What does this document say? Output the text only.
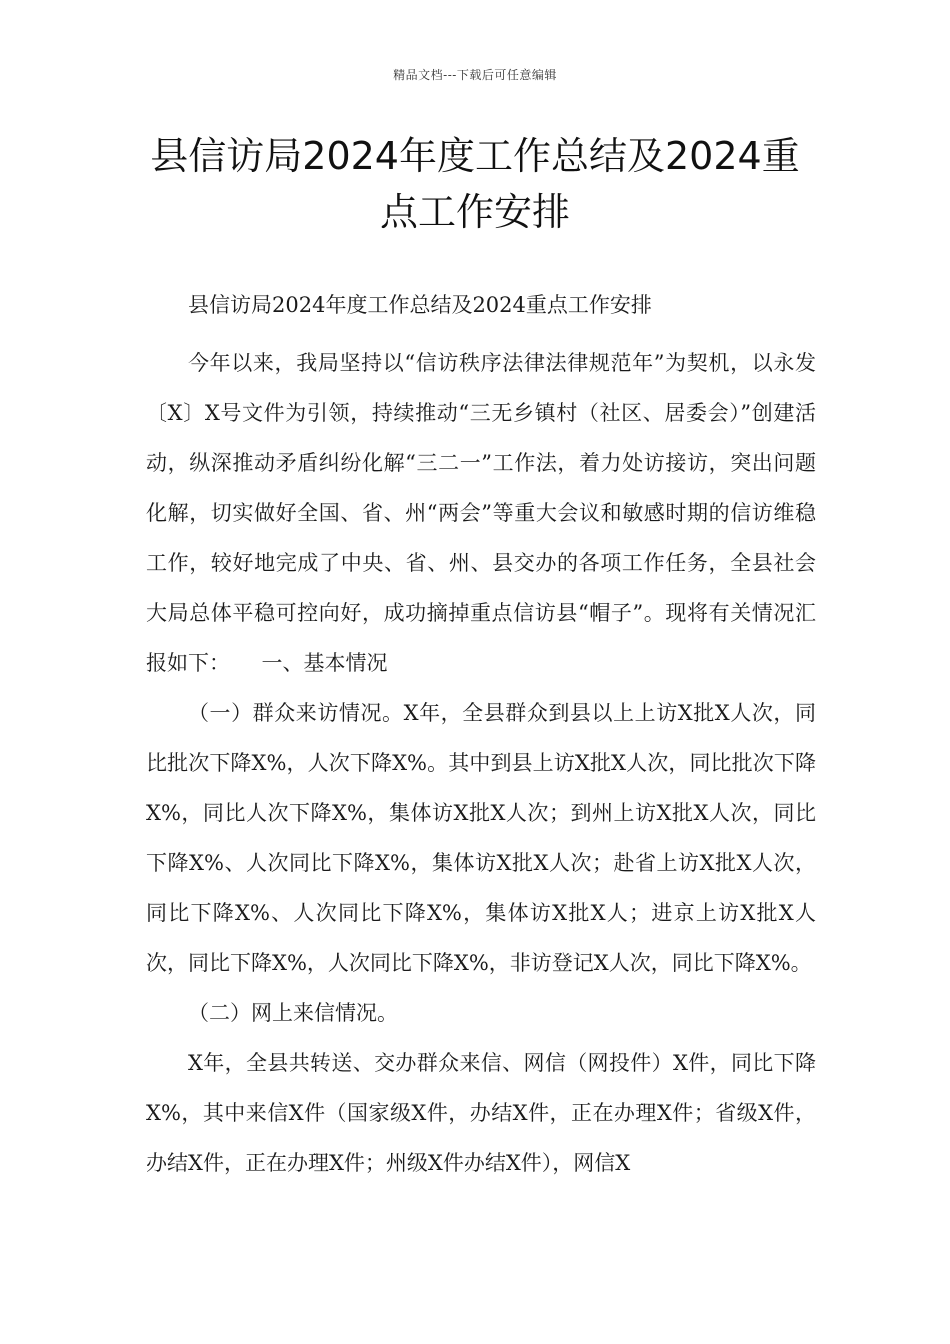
精品文档---下载后可任意编辑
县信访局2024年度工作总结及2024重
点工作安排

县信访局2024年度工作总结及2024重点工作安排

今年以来，我局坚持以“信访秩序法律法律规范年”为契机，以永发〔X〕X号文件为引领，持续推动“三无乡镇村（社区、居委会）”创建活动，纵深推动矛盾纠纷化解“三二一”工作法，着力处访接访，突出问题化解，切实做好全国、省、州“两会”等重大会议和敏感时期的信访维稳工作，较好地完成了中央、省、州、县交办的各项工作任务，全县社会大局总体平稳可控向好，成功摘掉重点信访县“帽子”。现将有关情况汇报如下：　　一、基本情况

（一）群众来访情况。X年，全县群众到县以上上访X批X人次，同比批次下降X%，人次下降X%。其中到县上访X批X人次，同比批次下降X%，同比人次下降X%，集体访X批X人次；到州上访X批X人次，同比下降X%、人次同比下降X%，集体访X批X人次；赴省上访X批X人次，同比下降X%、人次同比下降X%，集体访X批X人；进京上访X批X人次，同比下降X%，人次同比下降X%，非访登记X人次，同比下降X%。

（二）网上来信情况。

X年，全县共转送、交办群众来信、网信（网投件）X件，同比下降X%，其中来信X件（国家级X件，办结X件，正在办理X件；省级X件，办结X件，正在办理X件；州级X件办结X件），网信X
